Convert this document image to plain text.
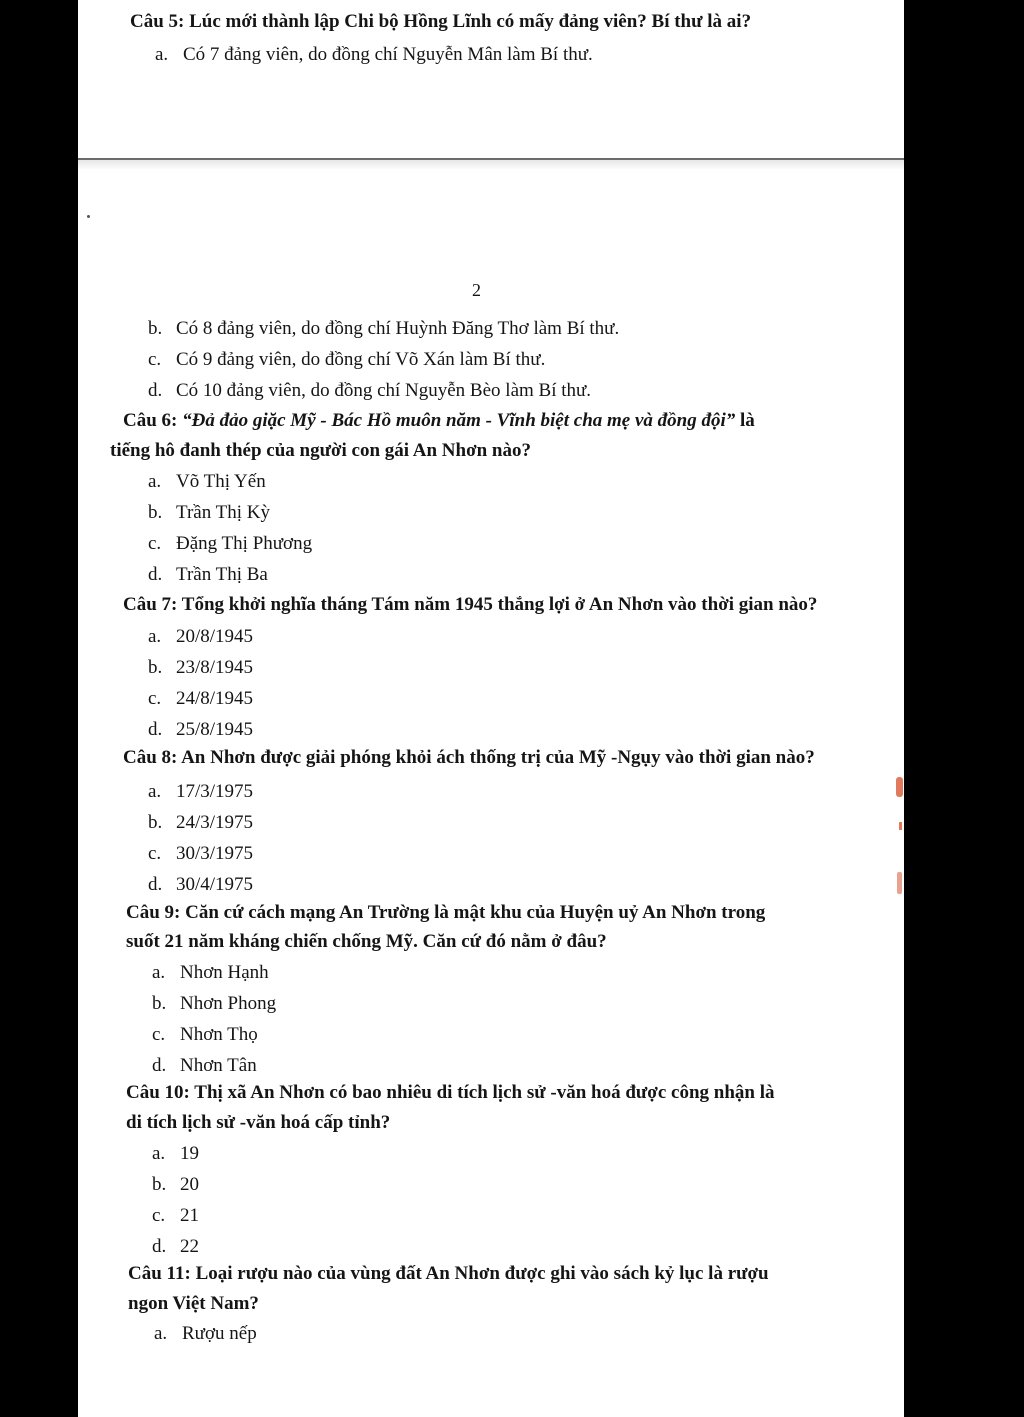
2
Câu 5: Lúc mới thành lập Chi bộ Hồng Lĩnh có mấy đảng viên? Bí thư là ai?
a. Có 7 đảng viên, do đồng chí Nguyễn Mân làm Bí thư.
b. Có 8 đảng viên, do đồng chí Huỳnh Đăng Thơ làm Bí thư.
c. Có 9 đảng viên, do đồng chí Võ Xán làm Bí thư.
d. Có 10 đảng viên, do đồng chí Nguyễn Bèo làm Bí thư.
Câu 6: “Đả đảo giặc Mỹ - Bác Hồ muôn năm - Vĩnh biệt cha mẹ và đồng đội” là
tiếng hô đanh thép của người con gái An Nhơn nào?
a. Võ Thị Yến
b. Trần Thị Kỳ
c. Đặng Thị Phương
d. Trần Thị Ba
Câu 7: Tổng khởi nghĩa tháng Tám năm 1945 thắng lợi ở An Nhơn vào thời gian nào?
a. 20/8/1945
b. 23/8/1945
c. 24/8/1945
d. 25/8/1945
Câu 8: An Nhơn được giải phóng khỏi ách thống trị của Mỹ -Ngụy vào thời gian nào?
a. 17/3/1975
b. 24/3/1975
c. 30/3/1975
d. 30/4/1975
Câu 9: Căn cứ cách mạng An Trường là mật khu của Huyện uỷ An Nhơn trong
suốt 21 năm kháng chiến chống Mỹ. Căn cứ đó nằm ở đâu?
a. Nhơn Hạnh
b. Nhơn Phong
c. Nhơn Thọ
d. Nhơn Tân
Câu 10: Thị xã An Nhơn có bao nhiêu di tích lịch sử -văn hoá được công nhận là
di tích lịch sử -văn hoá cấp tỉnh?
a. 19
b. 20
c. 21
d. 22
Câu 11: Loại rượu nào của vùng đất An Nhơn được ghi vào sách kỷ lục là rượu
ngon Việt Nam?
a. Rượu nếp
